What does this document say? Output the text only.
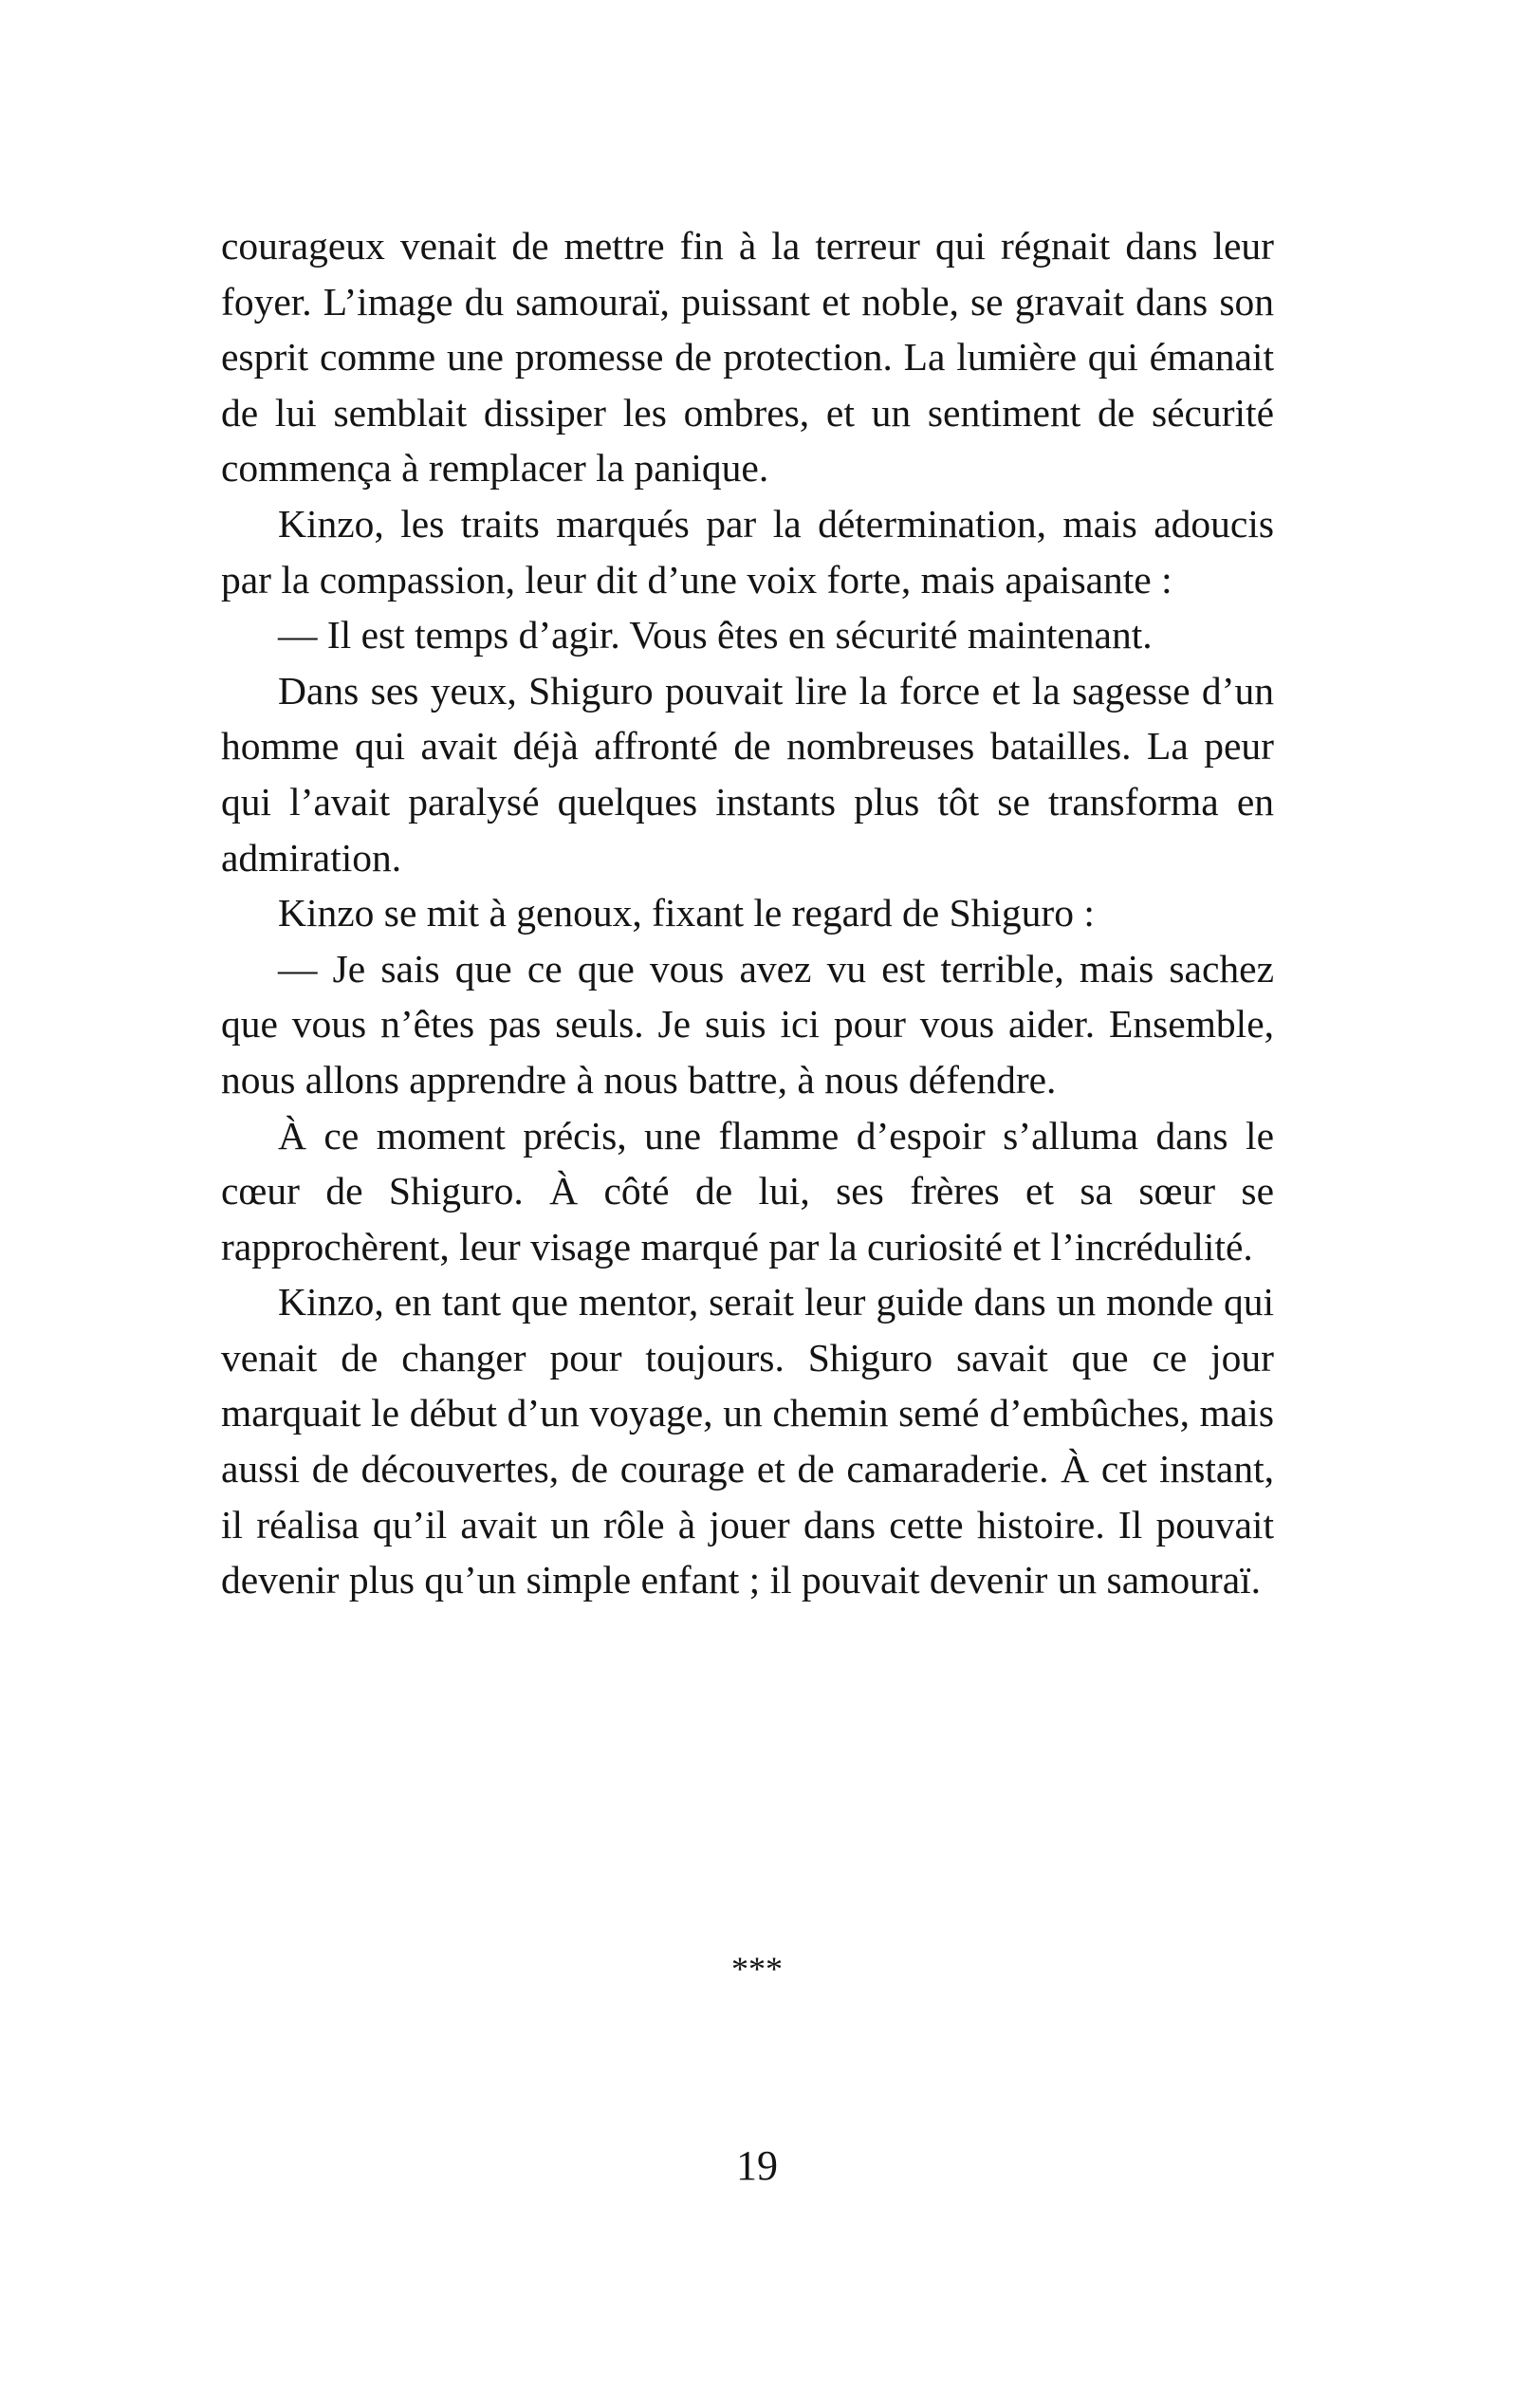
courageux venait de mettre fin à la terreur qui régnait dans leur foyer. L’image du samouraï, puissant et noble, se gravait dans son esprit comme une promesse de protection. La lumière qui émanait de lui semblait dissiper les ombres, et un sentiment de sécurité commença à remplacer la panique.

Kinzo, les traits marqués par la détermination, mais adoucis par la compassion, leur dit d’une voix forte, mais apaisante :

— Il est temps d’agir. Vous êtes en sécurité maintenant.

Dans ses yeux, Shiguro pouvait lire la force et la sagesse d’un homme qui avait déjà affronté de nombreuses batailles. La peur qui l’avait paralysé quelques instants plus tôt se transforma en admiration.

Kinzo se mit à genoux, fixant le regard de Shiguro :

— Je sais que ce que vous avez vu est terrible, mais sachez que vous n’êtes pas seuls. Je suis ici pour vous aider. Ensemble, nous allons apprendre à nous battre, à nous défendre.

À ce moment précis, une flamme d’espoir s’alluma dans le cœur de Shiguro. À côté de lui, ses frères et sa sœur se rapprochèrent, leur visage marqué par la curiosité et l’incrédulité.

Kinzo, en tant que mentor, serait leur guide dans un monde qui venait de changer pour toujours. Shiguro savait que ce jour marquait le début d’un voyage, un chemin semé d’embûches, mais aussi de découvertes, de courage et de camaraderie. À cet instant, il réalisa qu’il avait un rôle à jouer dans cette histoire. Il pouvait devenir plus qu’un simple enfant ; il pouvait devenir un samouraï.

***
19
